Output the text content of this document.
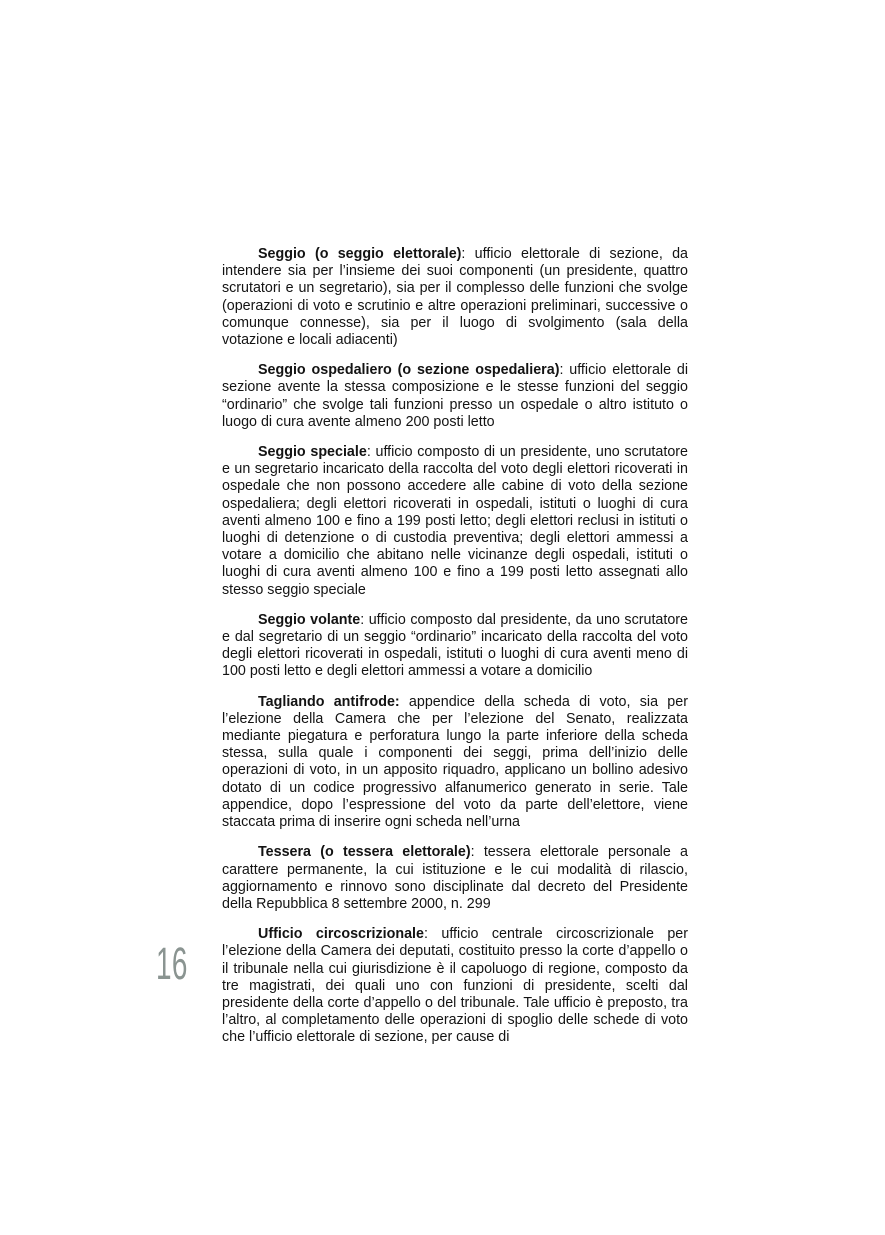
16

Seggio (o seggio elettorale): ufficio elettorale di sezione, da intendere sia per l’insieme dei suoi componenti (un presidente, quattro scrutatori e un segretario), sia per il complesso delle funzioni che svolge (operazioni di voto e scrutinio e altre operazioni preliminari, successive o comunque connesse), sia per il luogo di svolgimento (sala della votazione e locali adiacenti)

Seggio ospedaliero (o sezione ospedaliera): ufficio elettorale di sezione avente la stessa composizione e le stesse funzioni del seggio “ordinario” che svolge tali funzioni presso un ospedale o altro istituto o luogo di cura avente almeno 200 posti letto

Seggio speciale: ufficio composto di un presidente, uno scrutatore e un segretario incaricato della raccolta del voto degli elettori ricoverati in ospedale che non possono accedere alle cabine di voto della sezione ospedaliera; degli elettori ricoverati in ospedali, istituti o luoghi di cura aventi almeno 100 e fino a 199 posti letto; degli elettori reclusi in istituti o luoghi di detenzione o di custodia preventiva; degli elettori ammessi a votare a domicilio che abitano nelle vicinanze degli ospedali, istituti o luoghi di cura aventi almeno 100 e fino a 199 posti letto assegnati allo stesso seggio speciale

Seggio volante: ufficio composto dal presidente, da uno scrutatore e dal segretario di un seggio “ordinario” incaricato della raccolta del voto degli elettori ricoverati in ospedali, istituti o luoghi di cura aventi meno di 100 posti letto e degli elettori ammessi a votare a domicilio

Tagliando antifrode: appendice della scheda di voto, sia per l’elezione della Camera che per l’elezione del Senato, realizzata mediante piegatura e perforatura lungo la parte inferiore della scheda stessa, sulla quale i componenti dei seggi, prima dell’inizio delle operazioni di voto, in un apposito riquadro, applicano un bollino adesivo dotato di un codice progressivo alfanumerico generato in serie. Tale appendice, dopo l’espressione del voto da parte dell’elettore, viene staccata prima di inserire ogni scheda nell’urna

Tessera (o tessera elettorale): tessera elettorale personale a carattere permanente, la cui istituzione e le cui modalità di rilascio, aggiornamento e rinnovo sono disciplinate dal decreto del Presidente della Repubblica 8 settembre 2000, n. 299

Ufficio circoscrizionale: ufficio centrale circoscrizionale per l’elezione della Camera dei deputati, costituito presso la corte d’appello o il tribunale nella cui giurisdizione è il capoluogo di regione, composto da tre magistrati, dei quali uno con funzioni di presidente, scelti dal presidente della corte d’appello o del tribunale. Tale ufficio è preposto, tra l’altro, al completamento delle operazioni di spoglio delle schede di voto che l’ufficio elettorale di sezione, per cause di
